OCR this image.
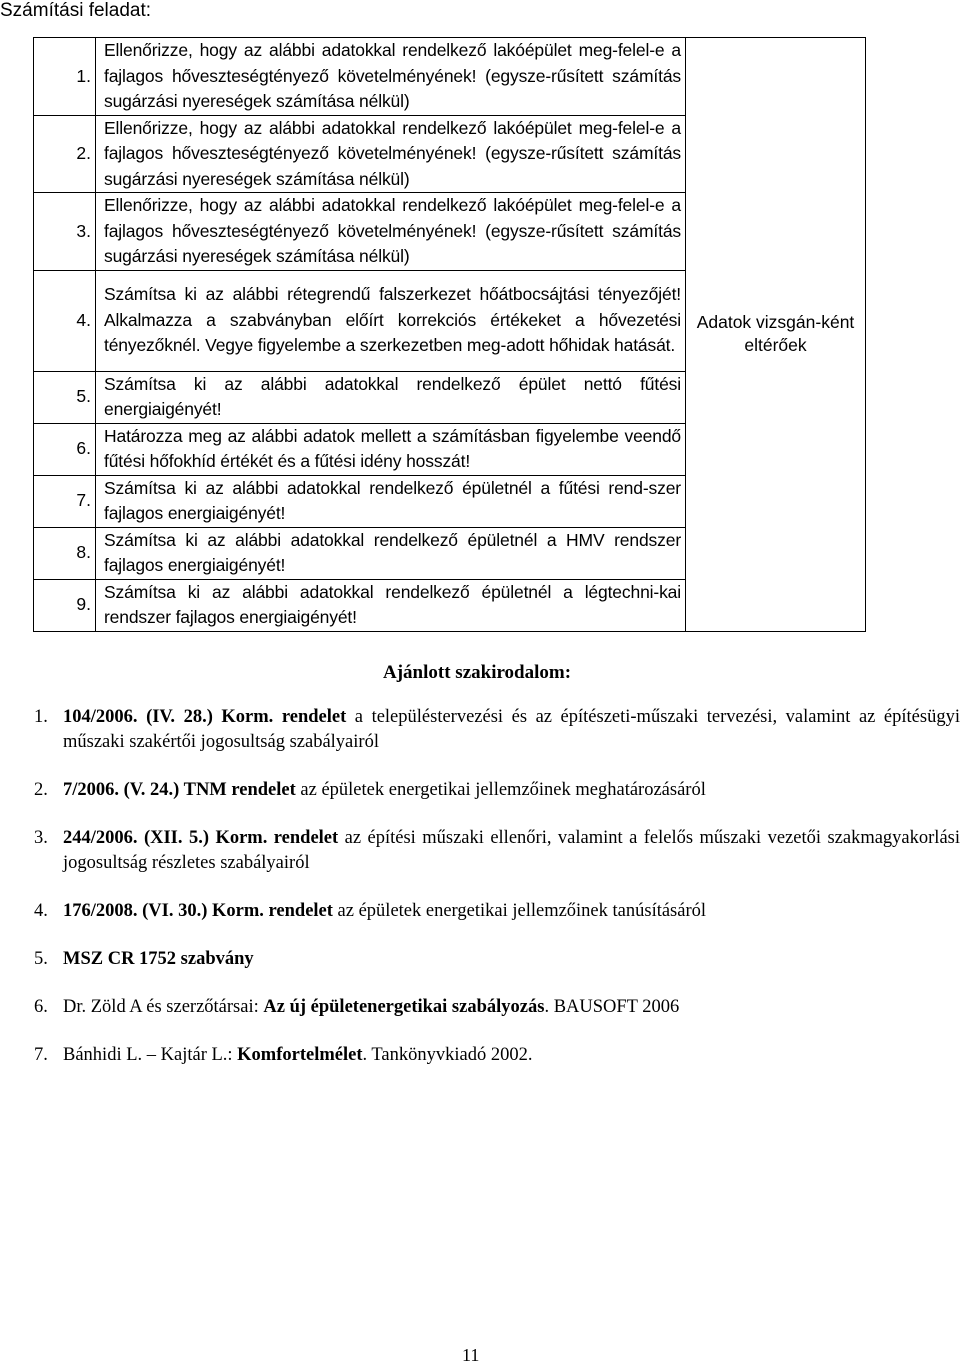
Számítási feladat:
1.	Ellenőrizze, hogy az alábbi adatokkal rendelkező lakóépület meg-felel-e a fajlagos hőveszteségtényező követelményének! (egysze-rűsített számítás sugárzási nyereségek számítása nélkül)	Adatok vizsgán-ként eltérőek
2.	Ellenőrizze, hogy az alábbi adatokkal rendelkező lakóépület meg-felel-e a fajlagos hőveszteségtényező követelményének! (egysze-rűsített számítás sugárzási nyereségek számítása nélkül)	
3.	Ellenőrizze, hogy az alábbi adatokkal rendelkező lakóépület meg-felel-e a fajlagos hőveszteségtényező követelményének! (egysze-rűsített számítás sugárzási nyereségek számítása nélkül)	
4.	Számítsa ki az alábbi rétegrendű falszerkezet hőátbocsájtási tényezőjét! Alkalmazza a szabványban előírt korrekciós értékeket a hővezetési tényezőknél. Vegye figyelembe a szerkezetben meg-adott hőhidak hatását.	
5.	Számítsa ki az alábbi adatokkal rendelkező épület nettó fűtési energiaigényét!	
6.	Határozza meg az alábbi adatok mellett a számításban figyelembe veendő fűtési hőfokhíd értékét és a fűtési idény hosszát!	
7.	Számítsa ki az alábbi adatokkal rendelkező épületnél a fűtési rend-szer fajlagos energiaigényét!	
8.	Számítsa ki az alábbi adatokkal rendelkező épületnél a HMV rendszer fajlagos energiaigényét!	
9.	Számítsa ki az alábbi adatokkal rendelkező épületnél a légtechni-kai rendszer fajlagos energiaigényét!	
Ajánlott szakirodalom:
1. 104/2006. (IV. 28.) Korm. rendelet a településtervezési és az építészeti-műszaki tervezési, valamint az építésügyi műszaki szakértői jogosultság szabályairól
2. 7/2006. (V. 24.) TNM rendelet az épületek energetikai jellemzőinek meghatározásáról
3. 244/2006. (XII. 5.) Korm. rendelet az építési műszaki ellenőri, valamint a felelős műszaki vezetői szakmagyakorlási jogosultság részletes szabályairól
4. 176/2008. (VI. 30.) Korm. rendelet az épületek energetikai jellemzőinek tanúsításáról
5. MSZ CR 1752 szabvány
6. Dr. Zöld A és szerzőtársai: Az új épületenergetikai szabályozás. BAUSOFT 2006
7. Bánhidi L. – Kajtár L.: Komfortelmélet. Tankönyvkiadó 2002.
11
